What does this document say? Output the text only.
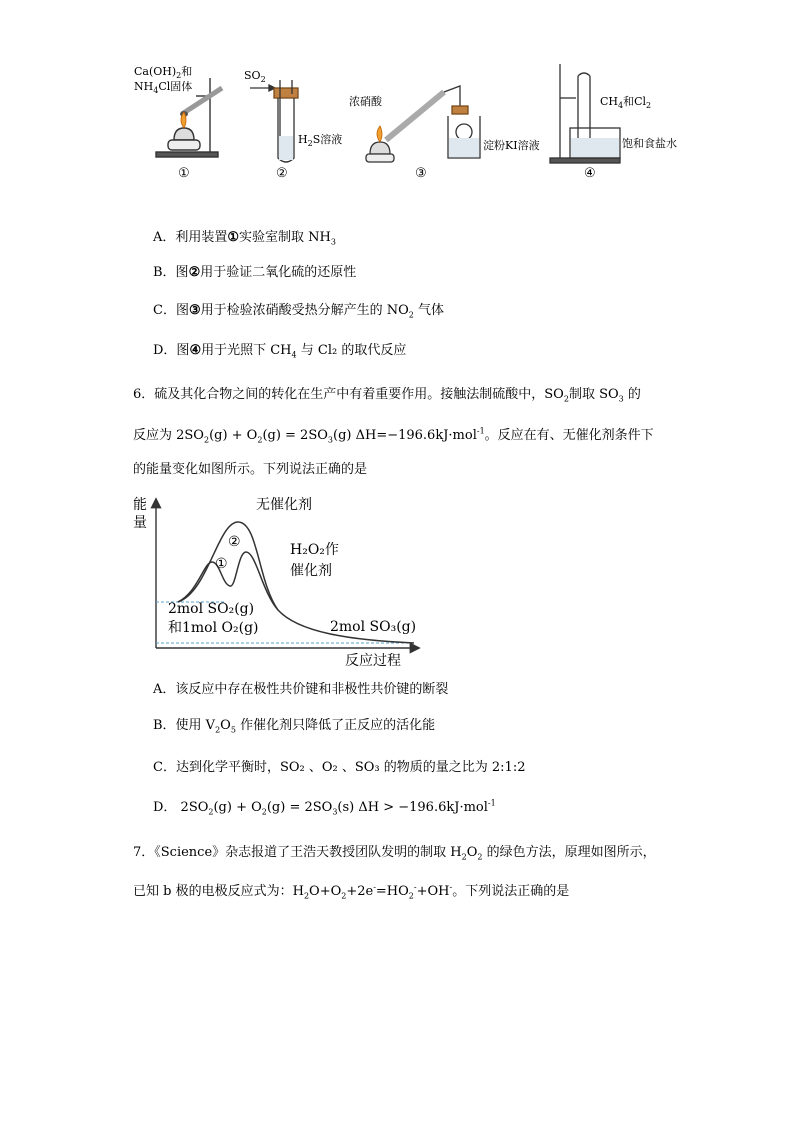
$Ca(OH)_2$和
$NH_4Cl$固体
$SO_2$
$H_2S$溶液
浓硝酸
淀粉KI溶液
$CH_4$和$Cl_2$
饱和食盐水
①	②	③	④
A．利用装置①实验室制取 $NH_3$
B．图②用于验证二氧化硫的还原性
C．图③用于检验浓硝酸受热分解产生的 $NO_2$ 气体
D．图④用于光照下 $CH_4$ 与 Cl₂ 的取代反应
6．硫及其化合物之间的转化在生产中有着重要作用。接触法制硫酸中，$SO_2$制取 $SO_3$ 的
反应为 $2SO_2(g) + O_2(g) = 2SO_3(g)$ ΔH=−196.6kJ·mol$^{-1}$。反应在有、无催化剂条件下
的能量变化如图所示。下列说法正确的是
能量
反应过程
无催化剂
H₂O₂作
催化剂
②
①
2mol SO₂(g)
和1mol O₂(g)	2mol SO₃(g)
A．该反应中存在极性共价键和非极性共价键的断裂
B．使用 $V_2O_5$ 作催化剂只降低了正反应的活化能
C．达到化学平衡时，SO₂ 、O₂ 、SO₃ 的物质的量之比为 2:1:2
D． $2SO_2(g) + O_2(g) = 2SO_3(s) \Delta H > -196.6kJ\cdot mol^{-1}$
7．《Science》杂志报道了王浩天教授团队发明的制取 $H_2O_2$ 的绿色方法，原理如图所示，
已知 b 极的电极反应式为：$H_2O+O_2+2e^-=HO_2^-+OH^-$。下列说法正确的是
